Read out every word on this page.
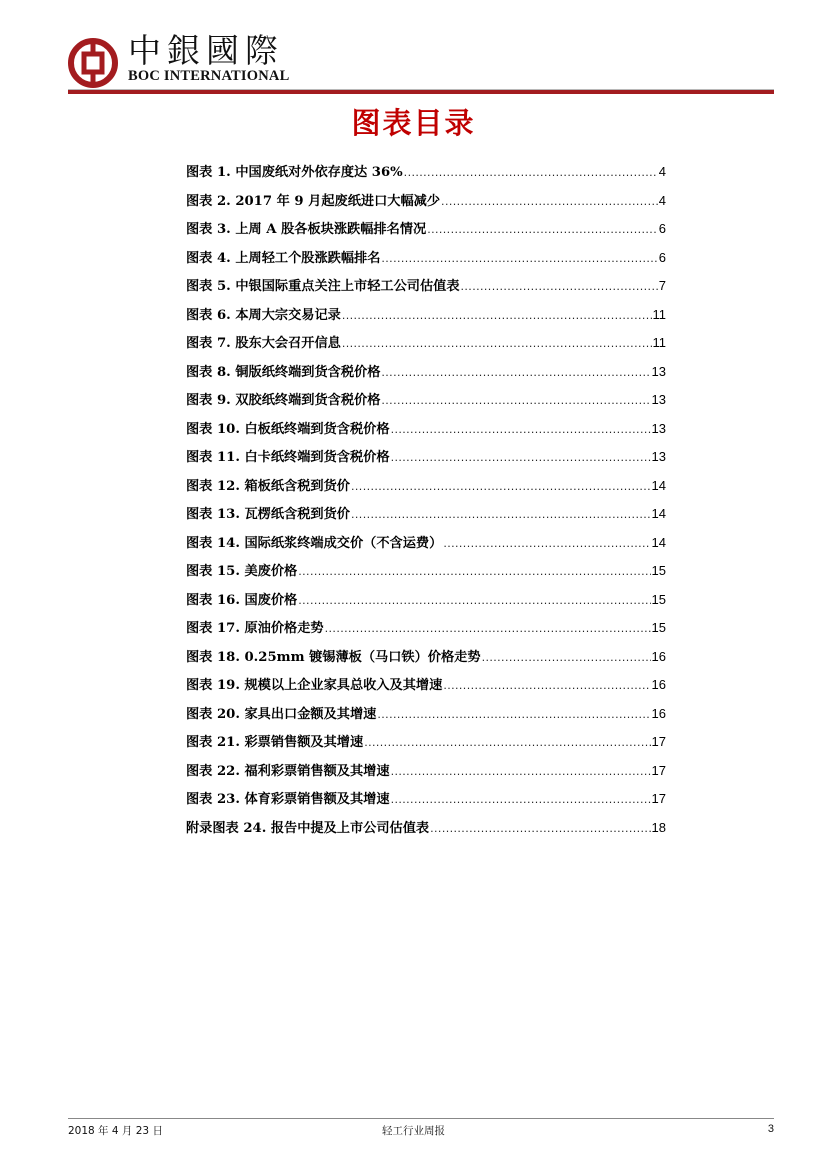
中銀國際
BOC INTERNATIONAL
图表目录
图表 1. 中国废纸对外依存度达 36% .....	4
图表 2. 2017 年 9 月起废纸进口大幅减少 .....	4
图表 3. 上周 A 股各板块涨跌幅排名情况 .....	6
图表 4. 上周轻工个股涨跌幅排名 .....	6
图表 5. 中银国际重点关注上市轻工公司估值表 .....	7
图表 6. 本周大宗交易记录 .....	11
图表 7. 股东大会召开信息 .....	11
图表 8. 铜版纸终端到货含税价格 .....	13
图表 9. 双胶纸终端到货含税价格 .....	13
图表 10. 白板纸终端到货含税价格 .....	13
图表 11. 白卡纸终端到货含税价格 .....	13
图表 12. 箱板纸含税到货价 .....	14
图表 13. 瓦楞纸含税到货价 .....	14
图表 14. 国际纸浆终端成交价（不含运费） .....	14
图表 15. 美废价格 .....	15
图表 16. 国废价格 .....	15
图表 17. 原油价格走势 .....	15
图表 18. 0.25mm 镀锡薄板（马口铁）价格走势 .....	16
图表 19. 规模以上企业家具总收入及其增速 .....	16
图表 20. 家具出口金额及其增速 .....	16
图表 21. 彩票销售额及其增速 .....	17
图表 22. 福利彩票销售额及其增速 .....	17
图表 23. 体育彩票销售额及其增速 .....	17
附录图表 24. 报告中提及上市公司估值表 .....	18
2018 年 4 月 23 日	轻工行业周报	3
